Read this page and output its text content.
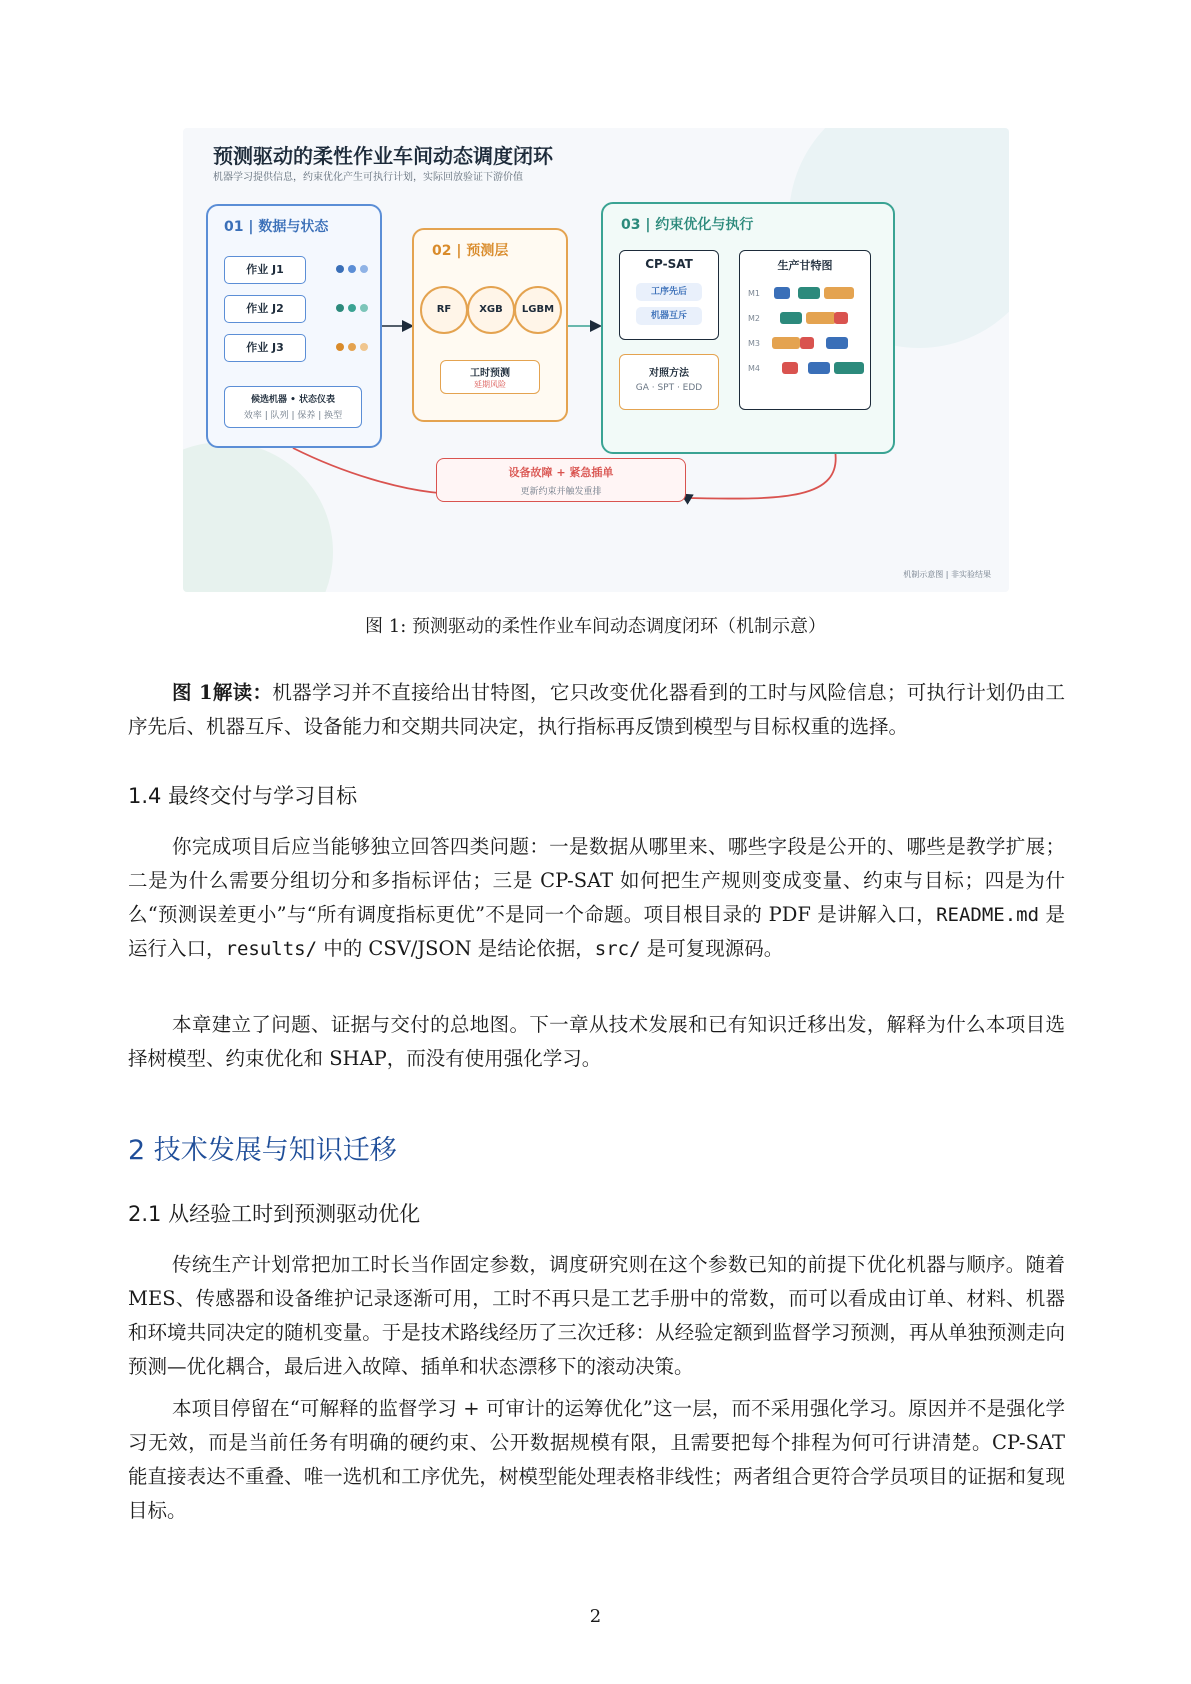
预测驱动的柔性作业车间动态调度闭环
机器学习提供信息，约束优化产生可执行计划，实际回放验证下游价值
01 | 数据与状态
作业 J1
作业 J2
作业 J3
候选机器 • 状态仪表
效率 | 队列 | 保养 | 换型
02 | 预测层
RF	XGB	LGBM
工时预测
延期风险
03 | 约束优化与执行
CP-SAT
工序先后
机器互斥
对照方法
GA · SPT · EDD
生产甘特图
M1
M2
M3
M4
设备故障 + 紧急插单
更新约束并触发重排
机制示意图 | 非实验结果
图 1: 预测驱动的柔性作业车间动态调度闭环（机制示意）
图 1解读：机器学习并不直接给出甘特图，它只改变优化器看到的工时与风险信息；可执行计划仍由工序先后、机器互斥、设备能力和交期共同决定，执行指标再反馈到模型与目标权重的选择。
1.4 最终交付与学习目标
你完成项目后应当能够独立回答四类问题：一是数据从哪里来、哪些字段是公开的、哪些是教学扩展；二是为什么需要分组切分和多指标评估；三是 CP-SAT 如何把生产规则变成变量、约束与目标；四是为什么“预测误差更小”与“所有调度指标更优”不是同一个命题。项目根目录的 PDF 是讲解入口，README.md 是运行入口，results/ 中的 CSV/JSON 是结论依据，src/ 是可复现源码。
本章建立了问题、证据与交付的总地图。下一章从技术发展和已有知识迁移出发，解释为什么本项目选择树模型、约束优化和 SHAP，而没有使用强化学习。
2 技术发展与知识迁移
2.1 从经验工时到预测驱动优化
传统生产计划常把加工时长当作固定参数，调度研究则在这个参数已知的前提下优化机器与顺序。随着 MES、传感器和设备维护记录逐渐可用，工时不再只是工艺手册中的常数，而可以看成由订单、材料、机器和环境共同决定的随机变量。于是技术路线经历了三次迁移：从经验定额到监督学习预测，再从单独预测走向预测—优化耦合，最后进入故障、插单和状态漂移下的滚动决策。
本项目停留在“可解释的监督学习 + 可审计的运筹优化”这一层，而不采用强化学习。原因并不是强化学习无效，而是当前任务有明确的硬约束、公开数据规模有限，且需要把每个排程为何可行讲清楚。CP-SAT 能直接表达不重叠、唯一选机和工序优先，树模型能处理表格非线性；两者组合更符合学员项目的证据和复现目标。
2
